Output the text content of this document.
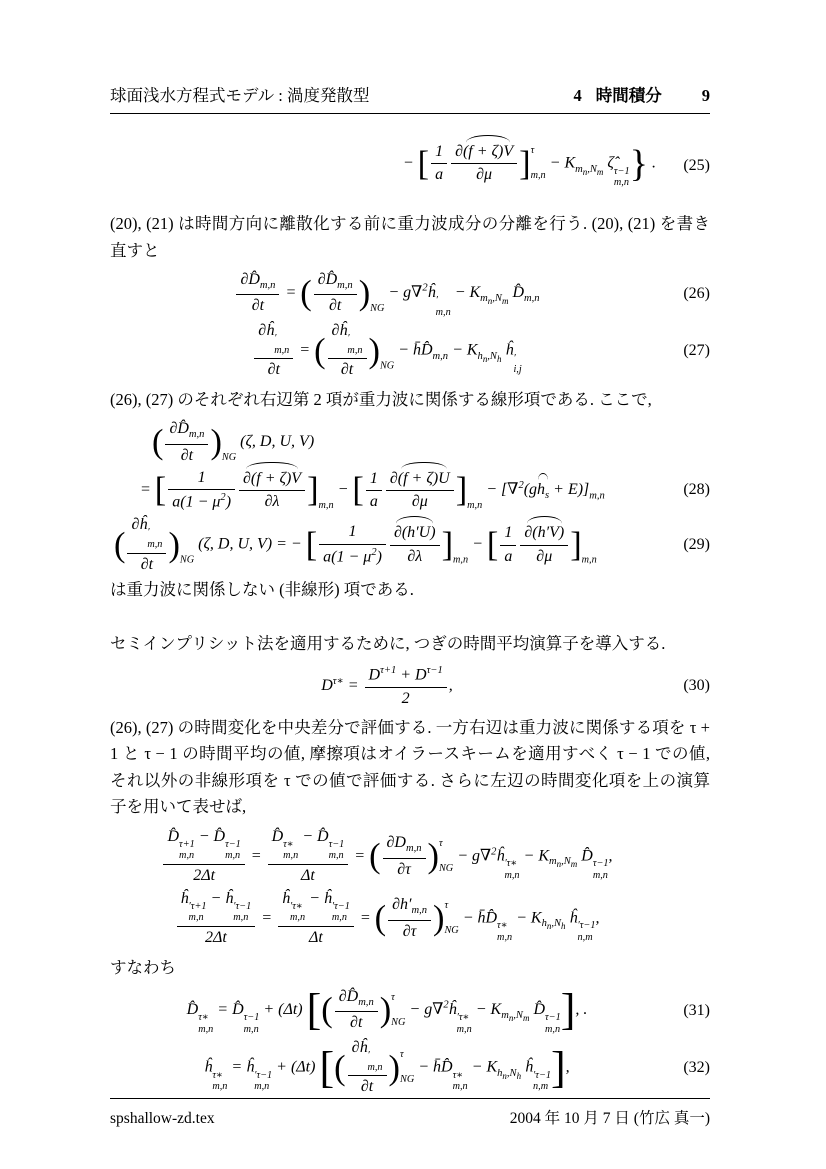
球面浅水方程式モデル : 渦度発散型	4 時間積分 9
− [ $\frac{1}{a} \frac{\partial(f + \zeta)V}{\partial\mu}$ ] τ
m,n
− $K_{m_n,N_m}$ ζ̂ τ−1
m,n } .	(25)

(20), (21) は時間方向に離散化する前に重力波成分の分離を行う. (20), (21) を書き直すと

$\frac{\partial D̂_{m,n}}{\partial t}$ = ( $\frac{\partial D̂_{m,n}}{\partial t} )_{NG}$ − g∇$^2$ĥ ′
m,n
− $K_{m_n,N_m}$ $D̂_{m,n}$	(26)
∂ĥ ′
m,n
∂t = ( ∂ĥ ′
m,n
∂t )$_{NG}$ − $h̄D̂_{m,n} - K_{h_n,N_h}$ ĥ ′
i,j
(27)

(26), (27) のそれぞれ右辺第 2 項が重力波に関係する線形項である. ここで,

( $\frac{\partial D̂_{m,n}}{\partial t} )_{NG}$ (ζ, D, U, V)
= [ $\frac{1}{a(1 - \mu^2)} \frac{\partial(f + \zeta)V}{\partial\lambda} ]_{m,n}$ − [ $\frac{1}{a} \frac{\partial(f + \zeta)U}{\partial\mu} ]_{m,n} - [\nabla^2(gh_s + E)]_{m,n}$	(28)
( ∂ĥ ′
m,n
∂t )$_{NG}$ (ζ, D, U, V) = − [ $\frac{1}{a(1 - \mu^2)} \frac{\partial(h'U)}{\partial\lambda} ]_{m,n}$ − [ $\frac{1}{a} \frac{\partial(h'V)}{\partial\mu} ]_{m,n}$
(29)

は重力波に関係しない (非線形) 項である.

セミインプリシット法を適用するために, つぎの時間平均演算子を導入する.

$D^{\tau∗} = \frac{D^{\tau+1} + D^{\tau-1}}{2}$ ,	(30)

(26), (27) の時間変化を中央差分で評価する. 一方右辺は重力波に関係する項を τ + 1 と τ − 1 の時間平均の値, 摩擦項はオイラースキームを適用すべく τ − 1 での値, それ以外の非線形項を τ での値で評価する. さらに左辺の時間変化項を上の演算子を用いて表せば,

D̂ τ+1
m,n
− D̂ τ−1
m,n
2Δt = D̂ τ∗
m,n
− D̂ τ−1
m,n
Δt = ( $\frac{\partial D_{m,n}}{\partial\tau}$ ) τ
NG
− g∇$^2$ĥ ′τ∗
m,n
− $K_{m_n,N_m}$ D̂ τ−1
m,n
,
ĥ ′τ+1
m,n
− ĥ ′τ−1
m,n
2Δt = ĥ ′τ∗
m,n
− ĥ ′τ−1
m,n
Δt = ( $\frac{\partial h'_{m,n}}{\partial\tau}$ ) τ
NG
− h̄D̂ τ∗
m,n
− $K_{h_n,N_h}$ ĥ ′τ−1
n,m
,

すなわち

D̂ τ∗
m,n
= D̂ τ−1
m,n
+ (Δt) [( $\frac{\partial D̂_{m,n}}{\partial t}$ ) τ
NG
− g∇$^2$ĥ ′τ∗
m,n
− $K_{m_n,N_m}$ D̂ τ−1
m,n ], .	(31)
ĥ τ∗
m,n
= ĥ ′τ−1
m,n
+ (Δt) [( ∂ĥ ′
m,n
∂t ) τ
NG
− h̄D̂ τ∗
m,n
− $K_{h_n,N_h}$ ĥ ′τ−1
n,m ],	(32)
spshallow-zd.tex	2004 年 10 月 7 日 (竹広 真一)
